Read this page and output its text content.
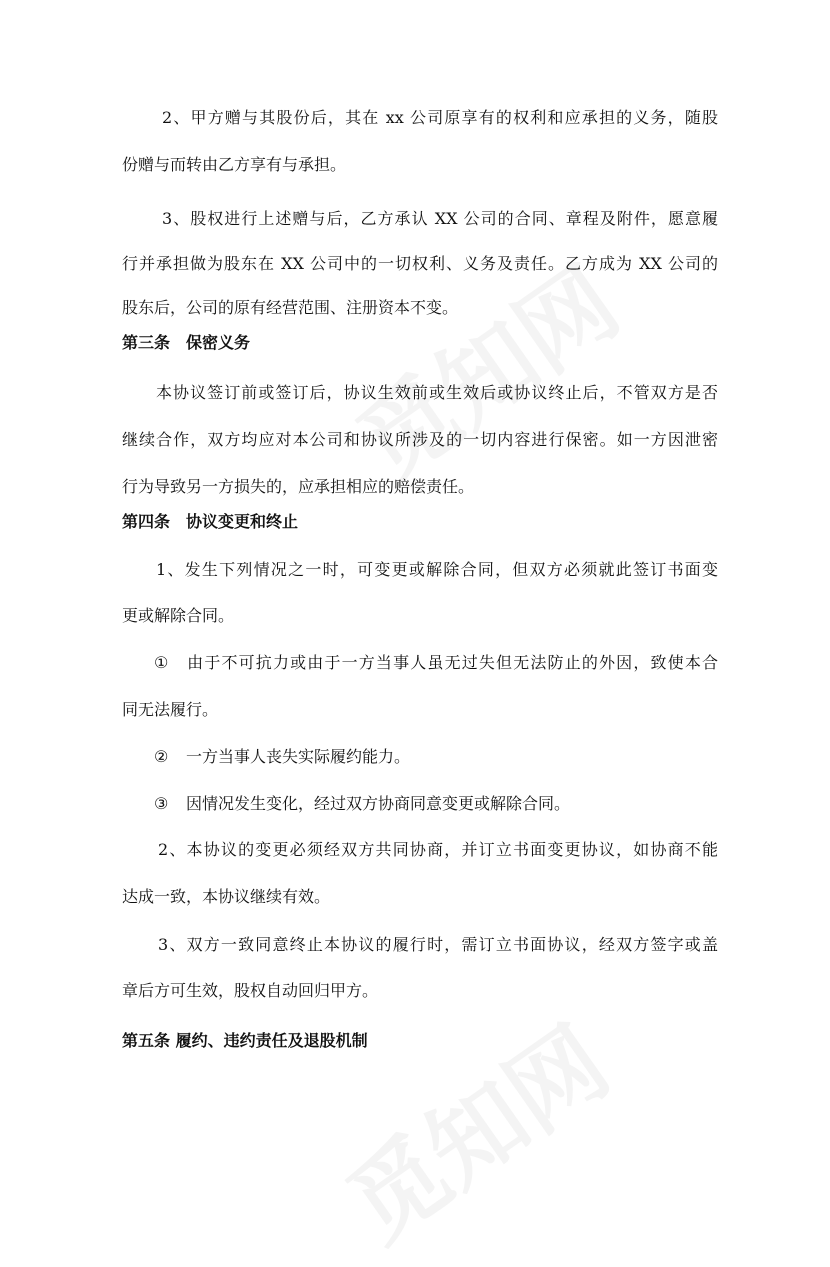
2、甲方赠与其股份后，其在 xx 公司原享有的权利和应承担的义务，随股
份赠与而转由乙方享有与承担。
3、股权进行上述赠与后，乙方承认 XX 公司的合同、章程及附件，愿意履
行并承担做为股东在 XX 公司中的一切权利、义务及责任。乙方成为 XX 公司的
股东后，公司的原有经营范围、注册资本不变。
第三条　保密义务
本协议签订前或签订后，协议生效前或生效后或协议终止后，不管双方是否
继续合作，双方均应对本公司和协议所涉及的一切内容进行保密。如一方因泄密
行为导致另一方损失的，应承担相应的赔偿责任。
第四条　协议变更和终止
1、发生下列情况之一时，可变更或解除合同，但双方必须就此签订书面变
更或解除合同。
① 由于不可抗力或由于一方当事人虽无过失但无法防止的外因，致使本合
同无法履行。
② 一方当事人丧失实际履约能力。
③ 因情况发生变化，经过双方协商同意变更或解除合同。
2、本协议的变更必须经双方共同协商，并订立书面变更协议，如协商不能
达成一致，本协议继续有效。
3、双方一致同意终止本协议的履行时，需订立书面协议，经双方签字或盖
章后方可生效，股权自动回归甲方。
第五条 履约、违约责任及退股机制
